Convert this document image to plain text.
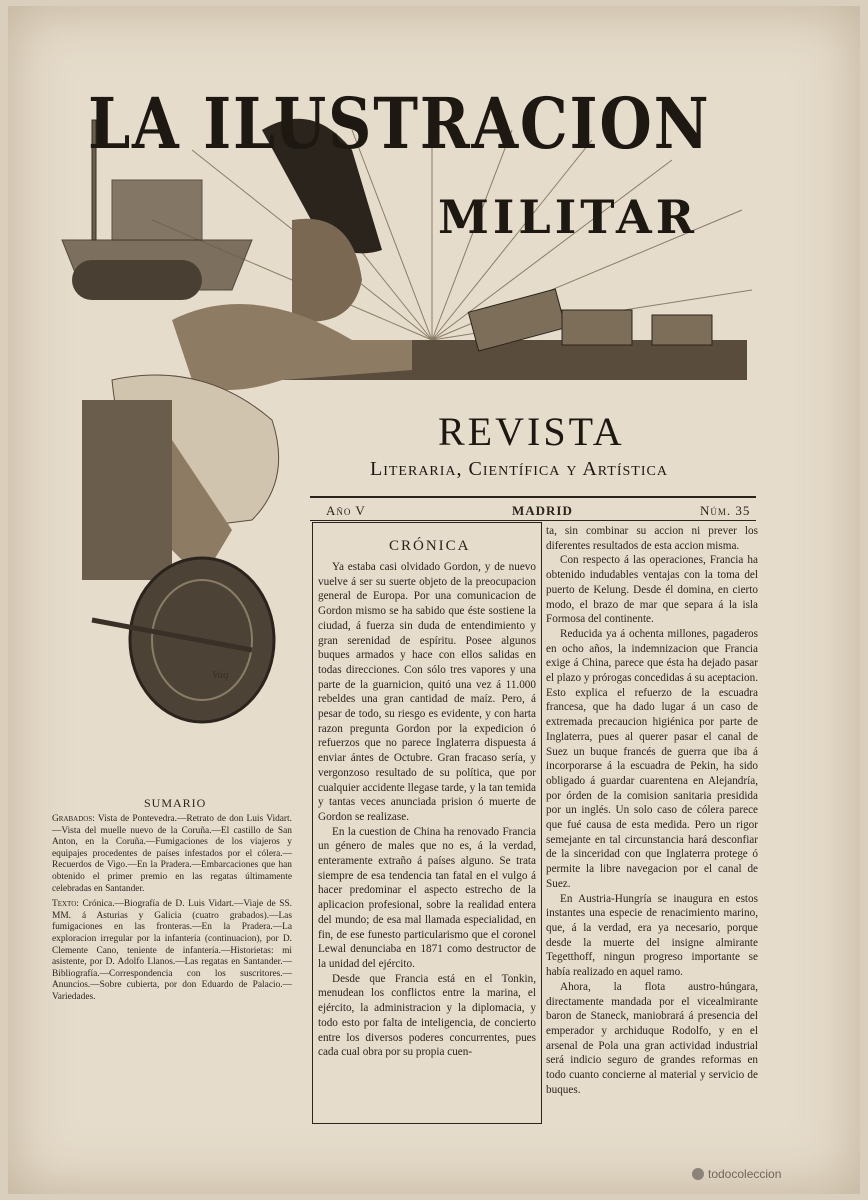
Vaq
LA ILUSTRACION
MILITAR
REVISTA
Literaria, Científica y Artística
Año V	MADRID	Núm. 35
SUMARIO

Grabados: Vista de Pontevedra.—Retrato de don Luis Vidart.—Vista del muelle nuevo de la Coruña.—El castillo de San Anton, en la Coruña.—Fumigaciones de los viajeros y equipajes procedentes de países infestados por el cólera.—Recuerdos de Vigo.—En la Pradera.—Embarcaciones que han obtenido el primer premio en las regatas últimamente celebradas en Santander.

Texto: Crónica.—Biografía de D. Luis Vidart.—Viaje de SS. MM. á Asturias y Galicia (cuatro grabados).—Las fumigaciones en las fronteras.—En la Pradera.—La exploracion irregular por la infantería (continuacion), por D. Clemente Cano, teniente de infantería.—Historietas: mi asistente, por D. Adolfo Llanos.—Las regatas en Santander.—Bibliografía.—Correspondencia con los suscritores.—Anuncios.—Sobre cubierta, por don Eduardo de Palacio.—Variedades.

CRÓNICA

Ya estaba casi olvidado Gordon, y de nuevo vuelve á ser su suerte objeto de la preocupacion general de Europa. Por una comunicacion de Gordon mismo se ha sabido que éste sostiene la ciudad, á fuerza sin duda de entendimiento y gran serenidad de espíritu. Posee algunos buques armados y hace con ellos salidas en todas direcciones. Con sólo tres vapores y una parte de la guarnicion, quitó una vez á 11.000 rebeldes una gran cantidad de maíz. Pero, á pesar de todo, su riesgo es evidente, y con harta razon pregunta Gordon por la expedicion ó refuerzos que no parece Inglaterra dispuesta á enviar ántes de Octubre. Gran fracaso sería, y vergonzoso resultado de su política, que por cualquier accidente llegase tarde, y la tan temida y tantas veces anunciada prision ó muerte de Gordon se realizase.

En la cuestion de China ha renovado Francia un género de males que no es, á la verdad, enteramente extraño á países alguno. Se trata siempre de esa tendencia tan fatal en el vulgo á hacer predominar el aspecto estrecho de la aplicacion profesional, sobre la realidad entera del mundo; de esa mal llamada especialidad, en fin, de ese funesto particularismo que el coronel Lewal denunciaba en 1871 como destructor de la unidad del ejército.

Desde que Francia está en el Tonkin, menudean los conflictos entre la marina, el ejército, la administracion y la diplomacia, y todo esto por falta de inteligencia, de concierto entre los diversos poderes concurrentes, pues cada cual obra por su propia cuen-

ta, sin combinar su accion ni prever los diferentes resultados de esta accion misma.

Con respecto á las operaciones, Francia ha obtenido indudables ventajas con la toma del puerto de Kelung. Desde él domina, en cierto modo, el brazo de mar que separa á la isla Formosa del continente.

Reducida ya á ochenta millones, pagaderos en ocho años, la indemnizacion que Francia exige á China, parece que ésta ha dejado pasar el plazo y prórogas concedidas á su aceptacion. Esto explica el refuerzo de la escuadra francesa, que ha dado lugar á un caso de extremada precaucion higiénica por parte de Inglaterra, pues al querer pasar el canal de Suez un buque francés de guerra que iba á incorporarse á la escuadra de Pekin, ha sido obligado á guardar cuarentena en Alejandría, por órden de la comision sanitaria presidida por un inglés. Un solo caso de cólera parece que fué causa de esta medida. Pero un rigor semejante en tal circunstancia hará desconfiar de la sinceridad con que Inglaterra protege ó permite la libre navegacion por el canal de Suez.

En Austria-Hungría se inaugura en estos instantes una especie de renacimiento marino, que, á la verdad, era ya necesario, porque desde la muerte del insigne almirante Tegetthoff, ningun progreso importante se había realizado en aquel ramo.

Ahora, la flota austro-húngara, directamente mandada por el vicealmirante baron de Staneck, maniobrará á presencia del emperador y archiduque Rodolfo, y en el arsenal de Pola una gran actividad industrial será indicio seguro de grandes reformas en todo cuanto concierne al material y servicio de buques.

todocoleccion
